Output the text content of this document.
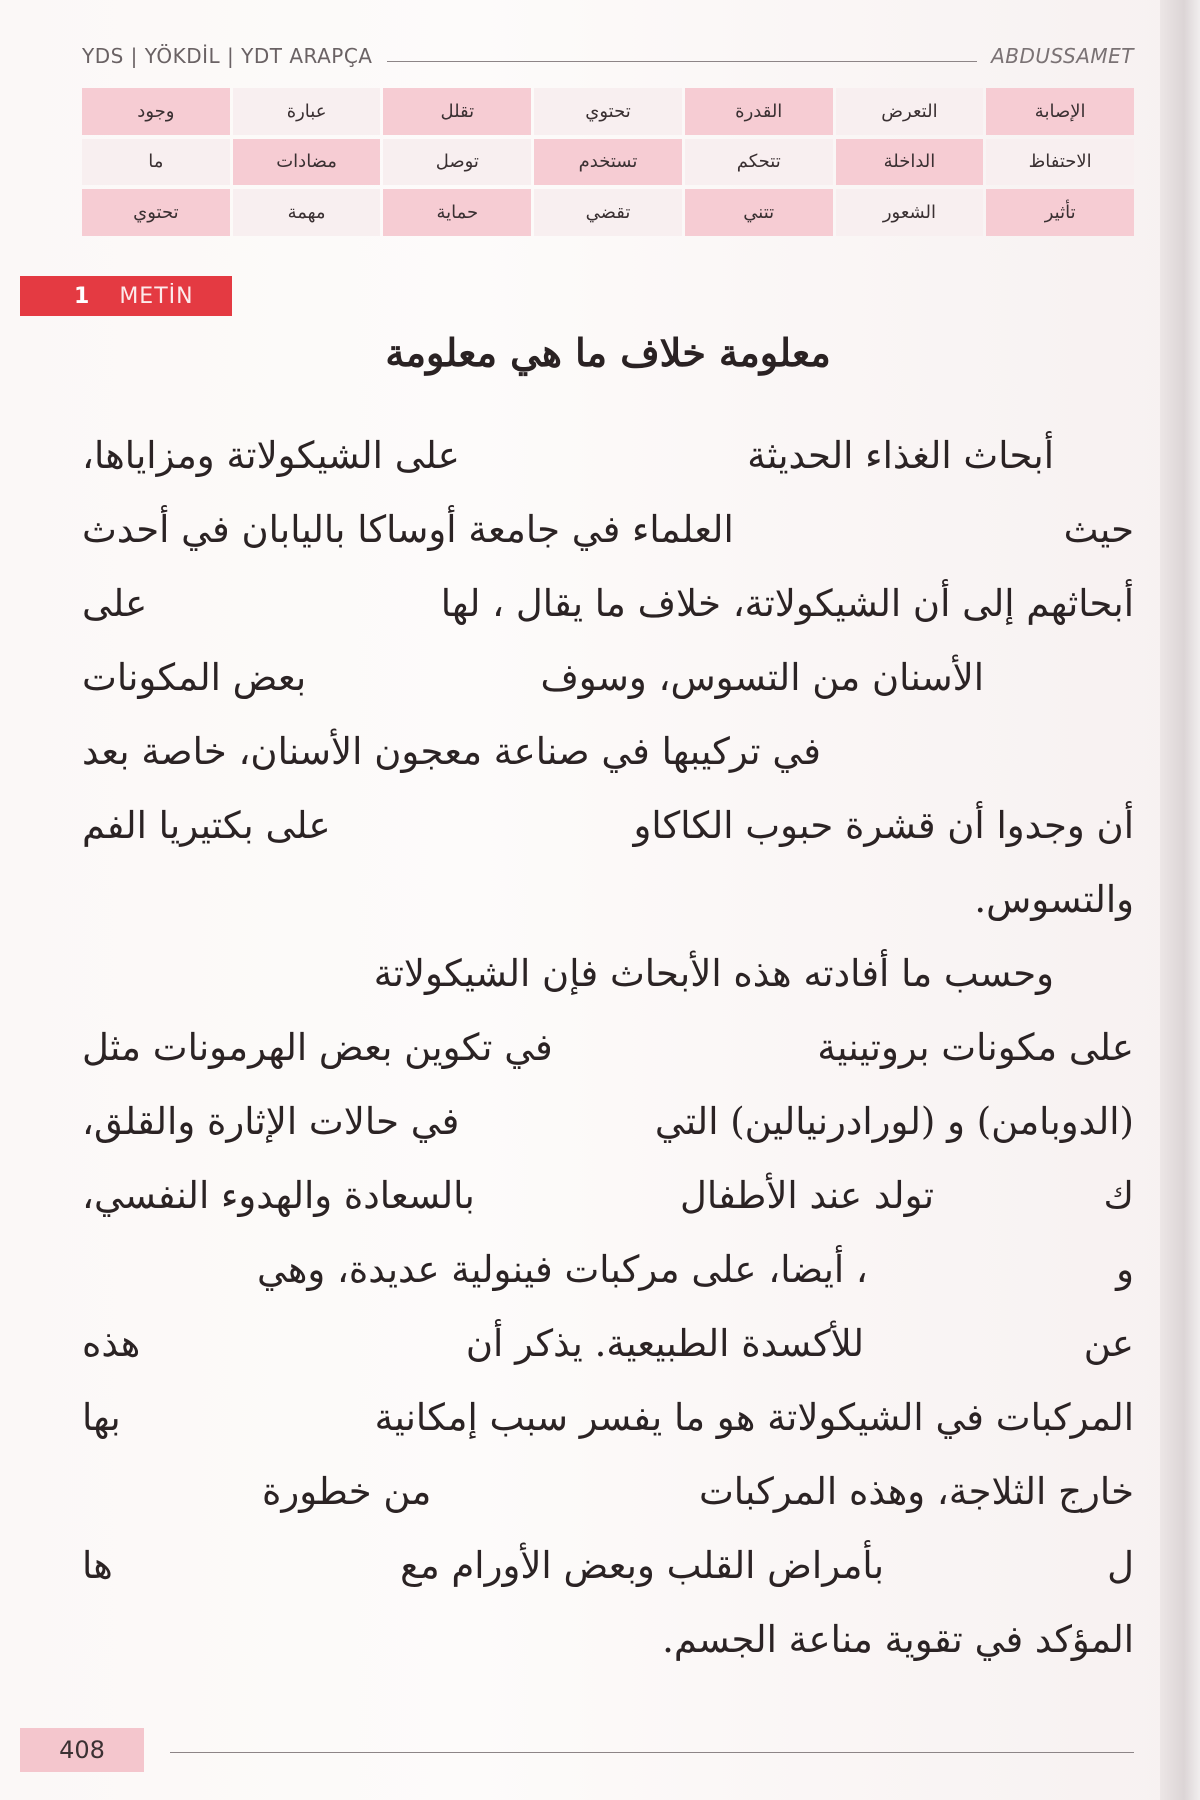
YDS | YÖKDİL | YDT ARAPÇA	ABDUSSAMET
الإصابة
التعرض
القدرة
تحتوي
تقلل
عبارة
وجود
الاحتفاظ
الداخلة
تتحكم
تستخدم
توصل
مضادات
ما
تأثير
الشعور
تتني
تقضي
حماية
مهمة
تحتوي
1 METİN
معلومة خلاف ما هي معلومة
أبحاث الغذاء الحديثة
على الشيكولاتة ومزاياها،
حيث
العلماء في جامعة أوساكا باليابان في أحدث
أبحاثهم إلى أن الشيكولاتة، خلاف ما يقال ، لها
على
الأسنان من التسوس، وسوف
بعض المكونات
في تركيبها في صناعة معجون الأسنان، خاصة بعد
أن وجدوا أن قشرة حبوب الكاكاو
على بكتيريا الفم
والتسوس.
وحسب ما أفادته هذه الأبحاث فإن الشيكولاتة
على مكونات بروتينية
في تكوين بعض الهرمونات مثل
(الدوبامن) و (لورادرنيالين) التي
في حالات الإثارة والقلق،
ك
تولد عند الأطفال
بالسعادة والهدوء النفسي،
و
، أيضا، على مركبات فينولية عديدة، وهي
عن
للأكسدة الطبيعية. يذكر أن
هذه
المركبات في الشيكولاتة هو ما يفسر سبب إمكانية
بها
خارج الثلاجة، وهذه المركبات
من خطورة
ل
بأمراض القلب وبعض الأورام مع
ها
المؤكد في تقوية مناعة الجسم.
408
